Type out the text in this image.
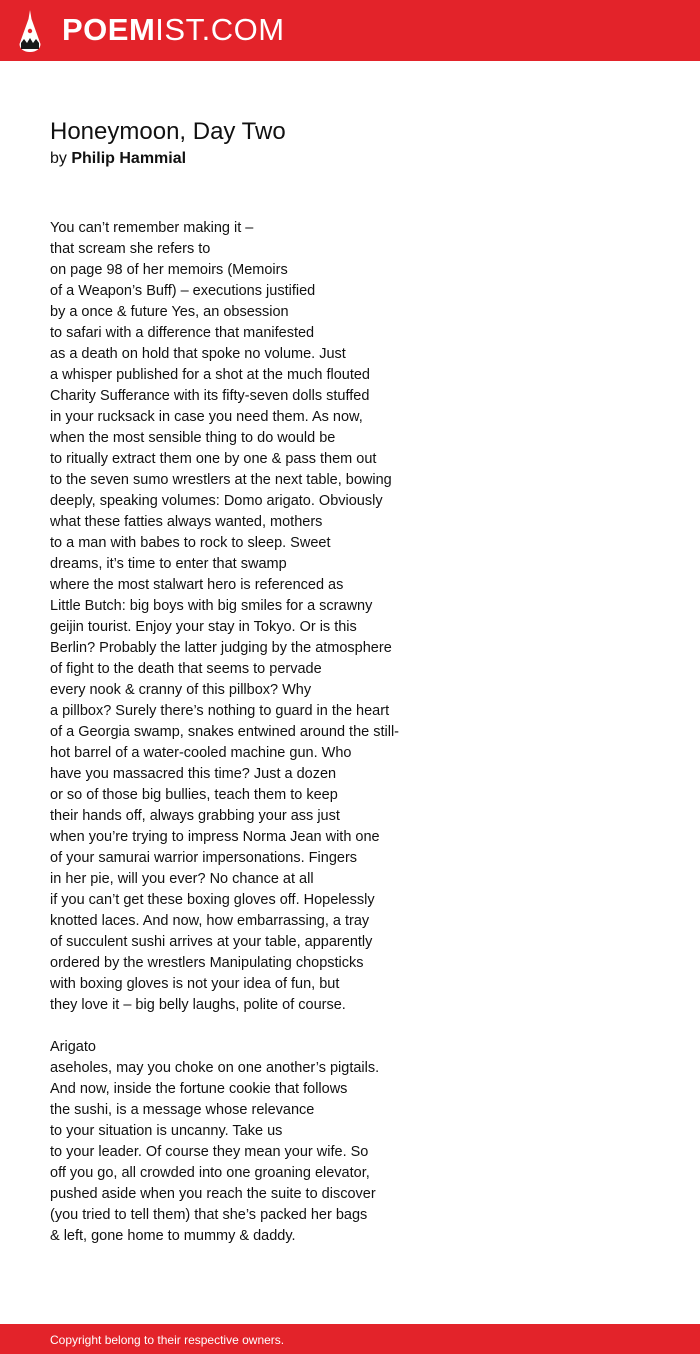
POEMIST.COM
Honeymoon, Day Two
by Philip Hammial
You can’t remember making it –
that scream she refers to
on page 98 of her memoirs (Memoirs
of a Weapon’s Buff) – executions justified
by a once & future Yes, an obsession
to safari with a difference that manifested
as a death on hold that spoke no volume. Just
a whisper published for a shot at the much flouted
Charity Sufferance with its fifty-seven dolls stuffed
in your rucksack in case you need them. As now,
when the most sensible thing to do would be
to ritually extract them one by one & pass them out
to the seven sumo wrestlers at the next table, bowing
deeply, speaking volumes: Domo arigato. Obviously
what these fatties always wanted, mothers
to a man with babes to rock to sleep. Sweet
dreams, it’s time to enter that swamp
where the most stalwart hero is referenced as
Little Butch: big boys with big smiles for a scrawny
geijin tourist. Enjoy your stay in Tokyo. Or is this
Berlin? Probably the latter judging by the atmosphere
of fight to the death that seems to pervade
every nook & cranny of this pillbox? Why
a pillbox? Surely there’s nothing to guard in the heart
of a Georgia swamp, snakes entwined around the still-
hot barrel of a water-cooled machine gun. Who
have you massacred this time? Just a dozen
or so of those big bullies, teach them to keep
their hands off, always grabbing your ass just
when you’re trying to impress Norma Jean with one
of your samurai warrior impersonations. Fingers
in her pie, will you ever? No chance at all
if you can’t get these boxing gloves off. Hopelessly
knotted laces. And now, how embarrassing, a tray
of succulent sushi arrives at your table, apparently
ordered by the wrestlers Manipulating chopsticks
with boxing gloves is not your idea of fun, but
they love it – big belly laughs, polite of course.
Arigato
aseholes, may you choke on one another’s pigtails.
And now, inside the fortune cookie that follows
the sushi, is a message whose relevance
to your situation is uncanny. Take us
to your leader. Of course they mean your wife. So
off you go, all crowded into one groaning elevator,
pushed aside when you reach the suite to discover
(you tried to tell them) that she’s packed her bags
& left, gone home to mummy & daddy.
Copyright belong to their respective owners.
